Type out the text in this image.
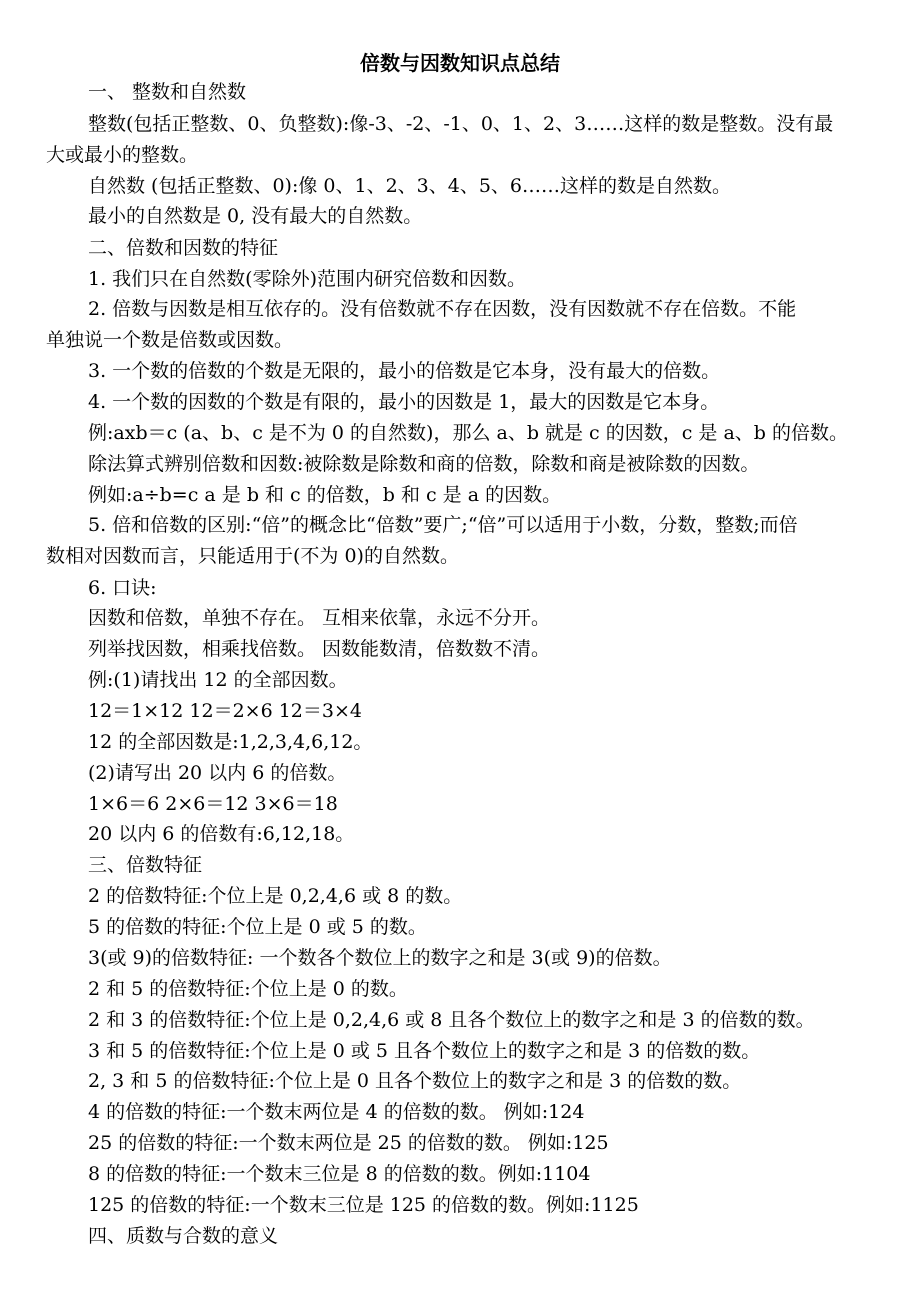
倍数与因数知识点总结
一、 整数和自然数
整数(包括正整数、0、负整数):像-3、-2、-1、0、1、2、3……这样的数是整数。没有最
大或最小的整数。
自然数 (包括正整数、0):像 0、1、2、3、4、5、6……这样的数是自然数。
最小的自然数是 0, 没有最大的自然数。
二、倍数和因数的特征
1. 我们只在自然数(零除外)范围内研究倍数和因数。
2. 倍数与因数是相互依存的。没有倍数就不存在因数，没有因数就不存在倍数。不能
单独说一个数是倍数或因数。
3. 一个数的倍数的个数是无限的，最小的倍数是它本身，没有最大的倍数。
4. 一个数的因数的个数是有限的，最小的因数是 1，最大的因数是它本身。
例:axb＝c (a、b、c 是不为 0 的自然数)，那么 a、b 就是 c 的因数，c 是 a、b 的倍数。
除法算式辨别倍数和因数:被除数是除数和商的倍数，除数和商是被除数的因数。
例如:a÷b=c a 是 b 和 c 的倍数，b 和 c 是 a 的因数。
5. 倍和倍数的区别:“倍”的概念比“倍数”要广;“倍”可以适用于小数，分数，整数;而倍
数相对因数而言，只能适用于(不为 0)的自然数。
6. 口诀:
因数和倍数，单独不存在。 互相来依靠，永远不分开。
列举找因数，相乘找倍数。 因数能数清，倍数数不清。
例:(1)请找出 12 的全部因数。
12＝1×12 12＝2×6 12＝3×4
12 的全部因数是:1,2,3,4,6,12。
(2)请写出 20 以内 6 的倍数。
1×6＝6 2×6＝12 3×6＝18
20 以内 6 的倍数有:6,12,18。
三、倍数特征
2 的倍数特征:个位上是 0,2,4,6 或 8 的数。
5 的倍数的特征:个位上是 0 或 5 的数。
3(或 9)的倍数特征: 一个数各个数位上的数字之和是 3(或 9)的倍数。
2 和 5 的倍数特征:个位上是 0 的数。
2 和 3 的倍数特征:个位上是 0,2,4,6 或 8 且各个数位上的数字之和是 3 的倍数的数。
3 和 5 的倍数特征:个位上是 0 或 5 且各个数位上的数字之和是 3 的倍数的数。
2, 3 和 5 的倍数特征:个位上是 0 且各个数位上的数字之和是 3 的倍数的数。
4 的倍数的特征:一个数末两位是 4 的倍数的数。 例如:124
25 的倍数的特征:一个数末两位是 25 的倍数的数。 例如:125
8 的倍数的特征:一个数末三位是 8 的倍数的数。例如:1104
125 的倍数的特征:一个数末三位是 125 的倍数的数。例如:1125
四、质数与合数的意义
